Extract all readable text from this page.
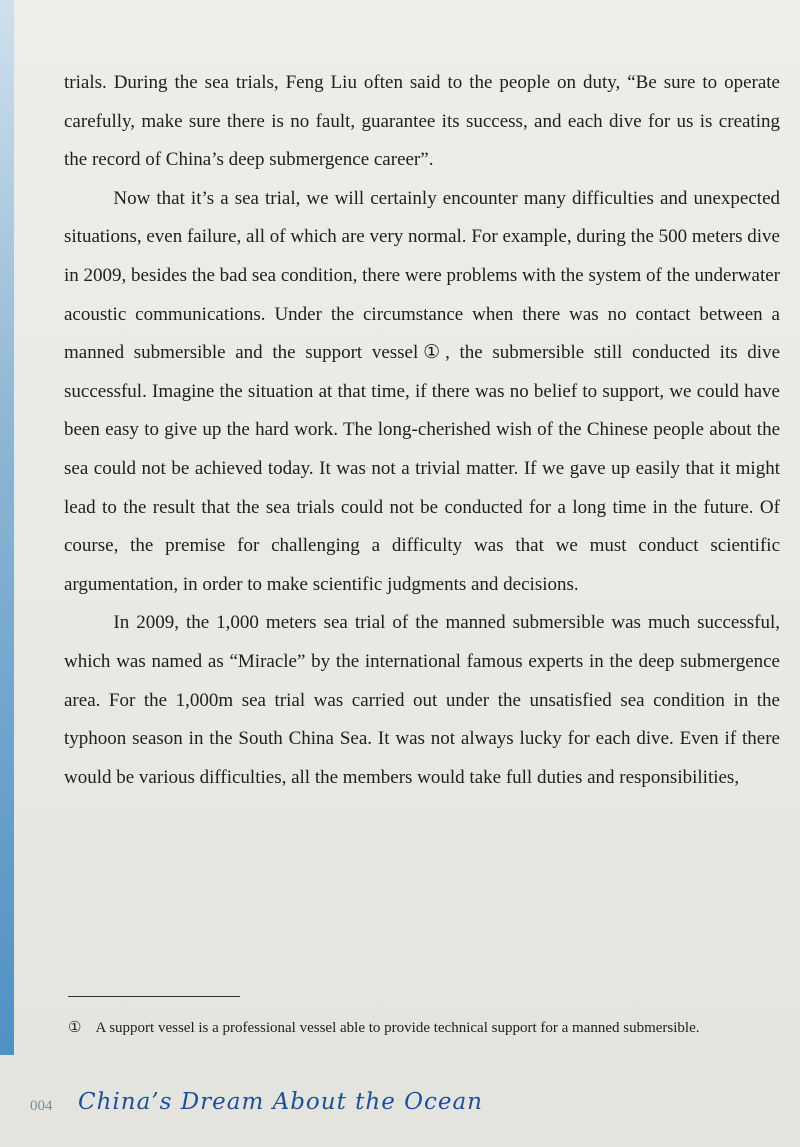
trials. During the sea trials, Feng Liu often said to the people on duty, “Be sure to operate carefully, make sure there is no fault, guarantee its success, and each dive for us is creating the record of China’s deep submergence career”.

Now that it’s a sea trial, we will certainly encounter many difficulties and unexpected situations, even failure, all of which are very normal. For example, during the 500 meters dive in 2009, besides the bad sea condition, there were problems with the system of the underwater acoustic communications. Under the circumstance when there was no contact between a manned submersible and the support vessel①, the submersible still conducted its dive successful. Imagine the situation at that time, if there was no belief to support, we could have been easy to give up the hard work. The long-cherished wish of the Chinese people about the sea could not be achieved today. It was not a trivial matter. If we gave up easily that it might lead to the result that the sea trials could not be conducted for a long time in the future. Of course, the premise for challenging a difficulty was that we must conduct scientific argumentation, in order to make scientific judgments and decisions.

In 2009, the 1,000 meters sea trial of the manned submersible was much successful, which was named as “Miracle” by the international famous experts in the deep submergence area. For the 1,000m sea trial was carried out under the unsatisfied sea condition in the typhoon season in the South China Sea. It was not always lucky for each dive. Even if there would be various difficulties, all the members would take full duties and responsibilities,

① A support vessel is a professional vessel able to provide technical support for a manned submersible.
004 China’s Dream About the Ocean
